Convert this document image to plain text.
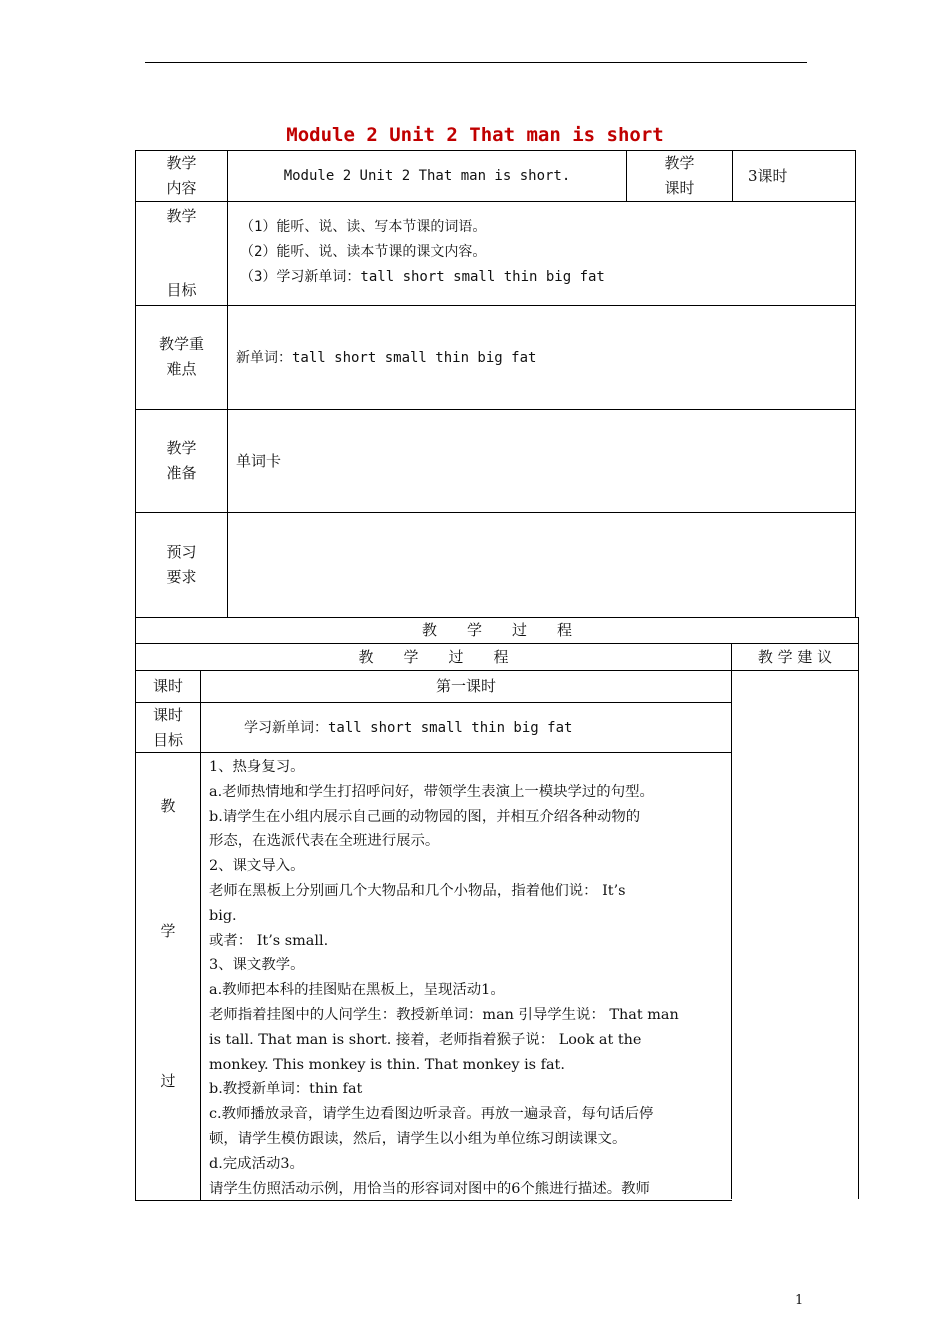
Module 2 Unit 2 That man is short
教学
内容
Module 2 Unit 2 That man is short.
教学
课时
3课时
教学
目标
（1）能听、说、读、写本节课的词语。
（2）能听、说、读本节课的课文内容。
（3）学习新单词：tall short small thin big fat
教学重
难点
新单词：tall short small thin big fat
教学
准备
单词卡
预习
要求
教　　学　　过　　程
教　　学　　过　　程	教 学 建 议
课时	第一课时
课时
目标
学习新单词：tall short small thin big fat
教
学
过
1、热身复习。
a.老师热情地和学生打招呼问好，带领学生表演上一模块学过的句型。
b.请学生在小组内展示自己画的动物园的图，并相互介绍各种动物的
形态，在选派代表在全班进行展示。
2、课文导入。
老师在黑板上分别画几个大物品和几个小物品，指着他们说： It’s
big.
或者： It’s small.
3、课文教学。
a.教师把本科的挂图贴在黑板上，呈现活动1。
老师指着挂图中的人问学生：教授新单词：man 引导学生说： That man
is tall. That man is short. 接着，老师指着猴子说： Look at the
monkey. This monkey is thin. That monkey is fat.
b.教授新单词：thin fat
c.教师播放录音，请学生边看图边听录音。再放一遍录音，每句话后停
顿，请学生模仿跟读，然后，请学生以小组为单位练习朗读课文。
d.完成活动3。
请学生仿照活动示例，用恰当的形容词对图中的6个熊进行描述。教师
1
